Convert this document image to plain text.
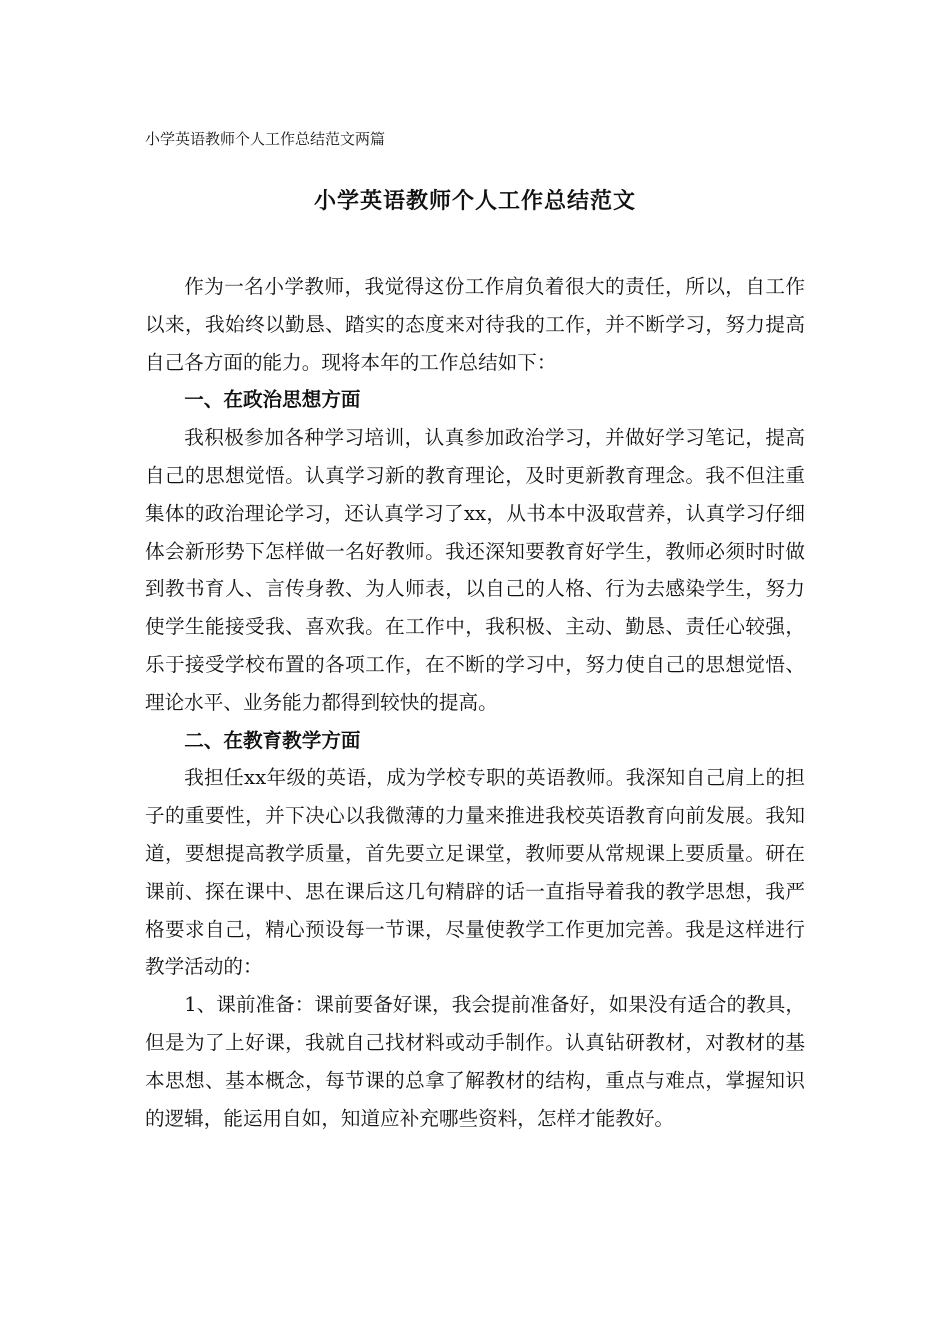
小学英语教师个人工作总结范文两篇
小学英语教师个人工作总结范文

作为一名小学教师，我觉得这份工作肩负着很大的责任，所以，自工作以来，我始终以勤恳、踏实的态度来对待我的工作，并不断学习，努力提高自己各方面的能力。现将本年的工作总结如下：

一、在政治思想方面

我积极参加各种学习培训，认真参加政治学习，并做好学习笔记，提高自己的思想觉悟。认真学习新的教育理论，及时更新教育理念。我不但注重集体的政治理论学习，还认真学习了xx，从书本中汲取营养，认真学习仔细体会新形势下怎样做一名好教师。我还深知要教育好学生，教师必须时时做到教书育人、言传身教、为人师表，以自己的人格、行为去感染学生，努力使学生能接受我、喜欢我。在工作中，我积极、主动、勤恳、责任心较强，乐于接受学校布置的各项工作，在不断的学习中，努力使自己的思想觉悟、理论水平、业务能力都得到较快的提高。

二、在教育教学方面

我担任xx年级的英语，成为学校专职的英语教师。我深知自己肩上的担子的重要性，并下决心以我微薄的力量来推进我校英语教育向前发展。我知道，要想提高教学质量，首先要立足课堂，教师要从常规课上要质量。研在课前、探在课中、思在课后这几句精辟的话一直指导着我的教学思想，我严格要求自己，精心预设每一节课，尽量使教学工作更加完善。我是这样进行教学活动的：

1、课前准备：课前要备好课，我会提前准备好，如果没有适合的教具，但是为了上好课，我就自己找材料或动手制作。认真钻研教材，对教材的基本思想、基本概念，每节课的总拿了解教材的结构，重点与难点，掌握知识的逻辑，能运用自如，知道应补充哪些资料，怎样才能教好。
